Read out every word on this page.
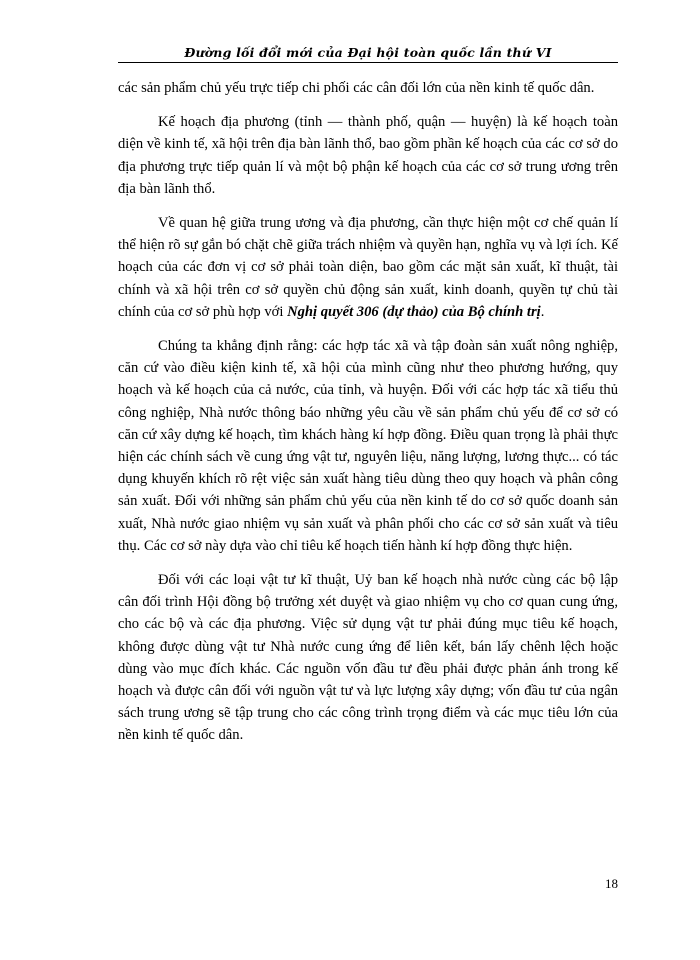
Đường lối đổi mới của Đại hội toàn quốc lần thứ VI

các sản phẩm chủ yếu trực tiếp chi phối các cân đối lớn của nền kinh tế quốc dân.

Kế hoạch địa phương (tỉnh — thành phố, quận — huyện) là kế hoạch toàn diện về kinh tế, xã hội trên địa bàn lãnh thổ, bao gồm phần kế hoạch của các cơ sở do địa phương trực tiếp quản lí và một bộ phận kế hoạch của các cơ sở trung ương trên địa bàn lãnh thổ.

Về quan hệ giữa trung ương và địa phương, cần thực hiện một cơ chế quản lí thể hiện rõ sự gắn bó chặt chẽ giữa trách nhiệm và quyền hạn, nghĩa vụ và lợi ích. Kế hoạch của các đơn vị cơ sở phải toàn diện, bao gồm các mặt sản xuất, kĩ thuật, tài chính và xã hội trên cơ sở quyền chủ động sản xuất, kinh doanh, quyền tự chủ tài chính của cơ sở phù hợp với Nghị quyết 306 (dự thảo) của Bộ chính trị.

Chúng ta khẳng định rằng: các hợp tác xã và tập đoàn sản xuất nông nghiệp, căn cứ vào điều kiện kinh tế, xã hội của mình cũng như theo phương hướng, quy hoạch và kế hoạch của cả nước, của tỉnh, và huyện. Đối với các hợp tác xã tiểu thủ công nghiệp, Nhà nước thông báo những yêu cầu về sản phẩm chủ yếu để cơ sở có căn cứ xây dựng kế hoạch, tìm khách hàng kí hợp đồng. Điều quan trọng là phải thực hiện các chính sách về cung ứng vật tư, nguyên liệu, năng lượng, lương thực... có tác dụng khuyến khích rõ rệt việc sản xuất hàng tiêu dùng theo quy hoạch và phân công sản xuất. Đối với những sản phẩm chủ yếu của nền kinh tế do cơ sở quốc doanh sản xuất, Nhà nước giao nhiệm vụ sản xuất và phân phối cho các cơ sở sản xuất và tiêu thụ. Các cơ sở này dựa vào chỉ tiêu kế hoạch tiến hành kí hợp đồng thực hiện.

Đối với các loại vật tư kĩ thuật, Uỷ ban kế hoạch nhà nước cùng các bộ lập cân đối trình Hội đồng bộ trưởng xét duyệt và giao nhiệm vụ cho cơ quan cung ứng, cho các bộ và các địa phương. Việc sử dụng vật tư phải đúng mục tiêu kế hoạch, không được dùng vật tư Nhà nước cung ứng để liên kết, bán lấy chênh lệch hoặc dùng vào mục đích khác. Các nguồn vốn đầu tư đều phải được phản ánh trong kế hoạch và được cân đối với nguồn vật tư và lực lượng xây dựng; vốn đầu tư của ngân sách trung ương sẽ tập trung cho các công trình trọng điểm và các mục tiêu lớn của nền kinh tế quốc dân.

18
